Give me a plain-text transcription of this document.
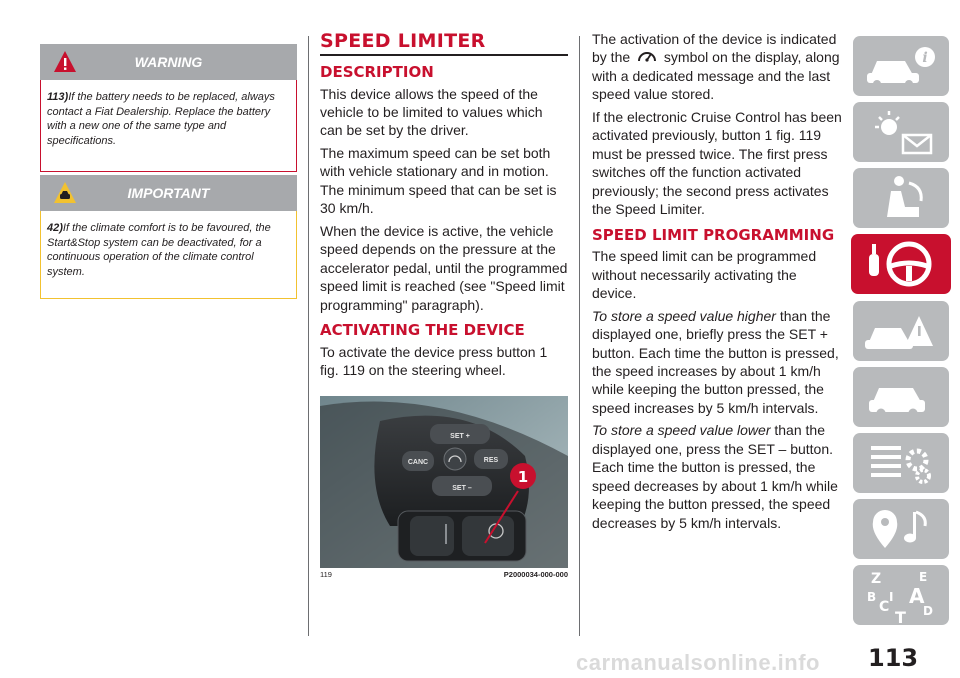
WARNING
113)If the battery needs to be replaced, always contact a Fiat Dealership. Replace the battery with a new one of the same type and specifications.
IMPORTANT
42)If the climate comfort is to be favoured, the Start&Stop system can be deactivated, for a continuous operation of the climate control system.
SPEED LIMITER
DESCRIPTION

This device allows the speed of the vehicle to be limited to values which can be set by the driver.

The maximum speed can be set both with vehicle stationary and in motion. The minimum speed that can be set is 30 km/h.

When the device is active, the vehicle speed depends on the pressure at the accelerator pedal, until the programmed speed limit is reached (see "Speed limit programming" paragraph).

ACTIVATING THE DEVICE

To activate the device press button 1 fig. 119 on the steering wheel.

SET +
CANC	RES
SET –
1
119	P2000034-000-000

The activation of the device is indicated by the symbol on the display, along with a dedicated message and the last speed value stored.

If the electronic Cruise Control has been activated previously, button 1 fig. 119 must be pressed twice. The first press switches off the function activated previously; the second press activates the Speed Limiter.

SPEED LIMIT PROGRAMMING

The speed limit can be programmed without necessarily activating the device.

To store a speed value higher than the displayed one, briefly press the SET + button. Each time the button is pressed, the speed increases by about 1 km/h while keeping the button pressed, the speed increases by 5 km/h intervals.

To store a speed value lower than the displayed one, press the SET – button. Each time the button is pressed, the speed decreases by about 1 km/h while keeping the button pressed, the speed decreases by 5 km/h intervals.

i
Z	E
B A
C	D
T
I
113
carmanualsonline.info
